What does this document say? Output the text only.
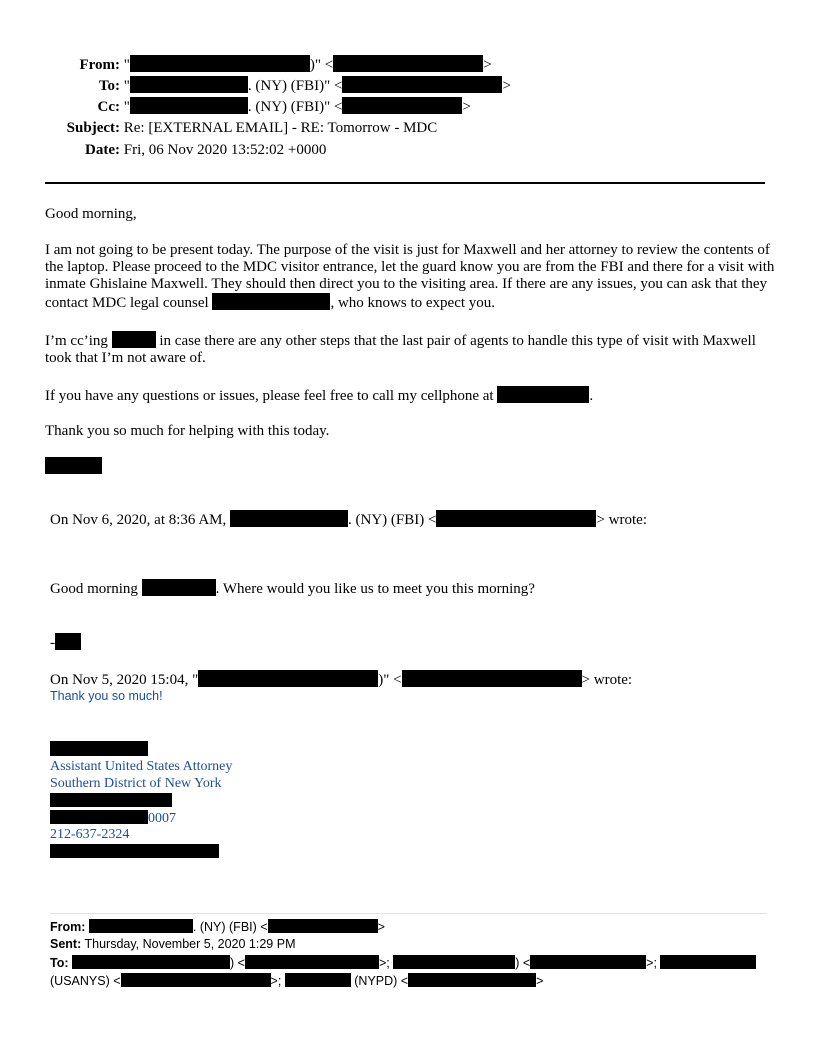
From: "	)" <	>
To: "	. (NY) (FBI)" <	>
Cc: "	. (NY) (FBI)" <	>
Subject: Re: [EXTERNAL EMAIL] - RE: Tomorrow - MDC
Date: Fri, 06 Nov 2020 13:52:02 +0000
Good morning,
I am not going to be present today. The purpose of the visit is just for Maxwell and her attorney to review the contents of the laptop. Please proceed to the MDC visitor entrance, let the guard know you are from the FBI and there for a visit with inmate Ghislaine Maxwell. They should then direct you to the visiting area. If there are any issues, you can ask that they contact MDC legal counsel	, who knows to expect you.
I’m cc’ing	in case there are any other steps that the last pair of agents to handle this type of visit with Maxwell took that I’m not aware of.
If you have any questions or issues, please feel free to call my cellphone at	.
Thank you so much for helping with this today.
On Nov 6, 2020, at 8:36 AM,	. (NY) (FBI) <	> wrote:
Good morning	. Where would you like us to meet you this morning?
-
On Nov 5, 2020 15:04, "	)" <	> wrote:
Thank you so much!
Assistant United States Attorney
Southern District of New York
0007
212-637-2324
From:	. (NY) (FBI) <	>
Sent: Thursday, November 5, 2020 1:29 PM
To:	) <	>;	) <	>;
(USANYS) <	>;	(NYPD) <	>
